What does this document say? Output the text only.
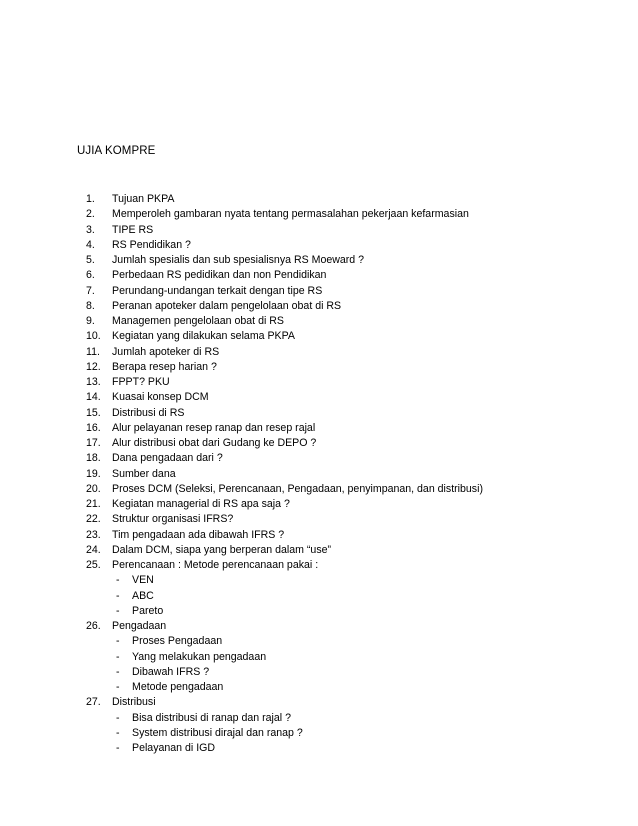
UJIA KOMPRE
1.	Tujuan PKPA
2.	Memperoleh gambaran nyata tentang permasalahan pekerjaan kefarmasian
3.	TIPE RS
4.	RS Pendidikan ?
5.	Jumlah spesialis dan sub spesialisnya RS Moeward ?
6.	Perbedaan RS pedidikan dan non Pendidikan
7.	Perundang-undangan terkait dengan tipe RS
8.	Peranan apoteker dalam pengelolaan obat di RS
9.	Managemen pengelolaan obat di RS
10.	Kegiatan yang dilakukan selama PKPA
11.	Jumlah apoteker di RS
12.	Berapa resep harian ?
13.	FPPT? PKU
14.	Kuasai konsep DCM
15.	Distribusi di RS
16.	Alur pelayanan resep ranap dan resep rajal
17.	Alur distribusi obat dari Gudang ke DEPO ?
18.	Dana pengadaan dari ?
19.	Sumber dana
20.	Proses DCM (Seleksi, Perencanaan, Pengadaan, penyimpanan, dan distribusi)
21.	Kegiatan managerial di RS apa saja ?
22.	Struktur organisasi IFRS?
23.	Tim pengadaan ada dibawah IFRS ?
24.	Dalam DCM, siapa yang berperan dalam “use”
25.	Perencanaan : Metode perencanaan pakai :
- VEN
- ABC
- Pareto
26.	Pengadaan
- Proses Pengadaan
- Yang melakukan pengadaan
- Dibawah IFRS ?
- Metode pengadaan
27.	Distribusi
- Bisa distribusi di ranap dan rajal ?
- System distribusi dirajal dan ranap ?
- Pelayanan di IGD
